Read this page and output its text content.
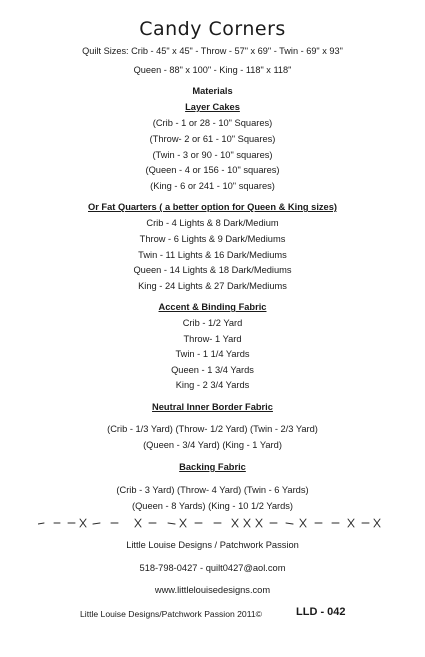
Candy Corners
Quilt Sizes: Crib - 45" x 45" - Throw - 57" x 69" - Twin - 69" x 93"
Queen - 88" x 100" - King - 118" x 118"
Materials
Layer Cakes
(Crib - 1 or 28 - 10" Squares)
(Throw- 2 or 61 - 10" Squares)
(Twin - 3 or 90 - 10" squares)
(Queen - 4 or 156 - 10" squares)
(King - 6 or 241 - 10" squares)
Or Fat Quarters ( a better option for Queen & King sizes)
Crib - 4 Lights & 8 Dark/Medium
Throw - 6 Lights & 9 Dark/Mediums
Twin - 11 Lights & 16 Dark/Mediums
Queen - 14 Lights & 18 Dark/Mediums
King - 24 Lights & 27 Dark/Mediums
Accent & Binding Fabric
Crib - 1/2 Yard
Throw- 1 Yard
Twin - 1 1/4 Yards
Queen - 1 3/4 Yards
King - 2 3/4 Yards
Neutral Inner Border Fabric
(Crib - 1/3 Yard) (Throw- 1/2 Yard) (Twin - 2/3 Yard)
(Queen - 3/4 Yard) (King - 1 Yard)
Backing Fabric
(Crib - 3 Yard) (Throw- 4 Yard) (Twin - 6 Yards)
(Queen - 8 Yards) (King - 10 1/2 Yards)
Little Louise Designs / Patchwork Passion
518-798-0427 - quilt0427@aol.com
www.littlelouisedesigns.com
Little Louise Designs/Patchwork Passion 2011©	LLD - 042
